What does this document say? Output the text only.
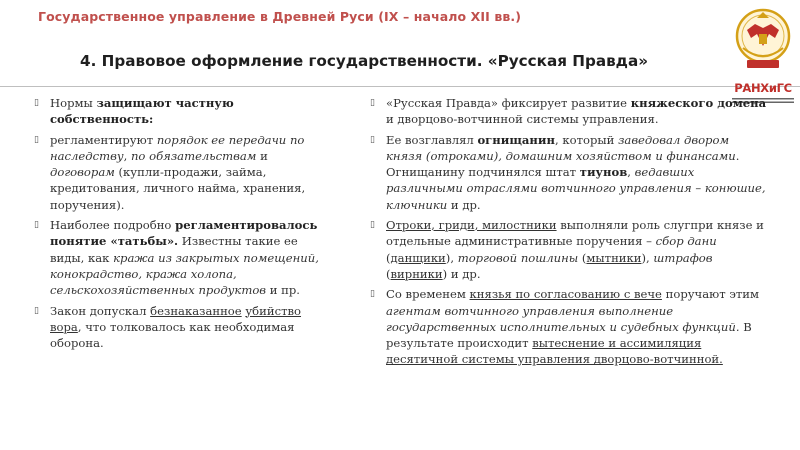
Государственное управление в Древней Руси (IX – начало XII вв.)
4. Правовое оформление государственности. «Русская Правда»
РАНХиГС
▯ Нормы защищают частную собственность:
▯ регламентируют порядок ее передачи по наследству, по обязательствам и договорам (купли-продажи, займа, кредитования, личного найма, хранения, поручения).
▯ Наиболее подробно регламентировалось понятие «татьбы». Известны такие ее виды, как кража из закрытых помещений, конокрадство, кража холопа, сельскохозяйственных продуктов и пр.
▯ Закон допускал безнаказанное убийство вора, что толковалось как необходимая оборона.
▯ «Русская Правда» фиксирует развитие княжеского домена и дворцово-вотчинной системы управления.
▯ Ее возглавлял огнищанин, который заведовал двором князя (отроками), домашним хозяйством и финансами. Огнищанину подчинялся штат тиунов, ведавших различными отраслями вотчинного управления – конюшие, ключники и др.
▯ Отроки, гриди, милостники выполняли роль слугпри князе и отдельные административные поручения – сбор дани (данщики), торговой пошлины (мытники), штрафов (вирники) и др.
▯ Со временем князья по согласованию с вече поручают этим агентам вотчинного управления выполнение государственных исполнительных и судебных функций. В результате происходит вытеснение и ассимиляция десятичной системы управления дворцово-вотчинной.
